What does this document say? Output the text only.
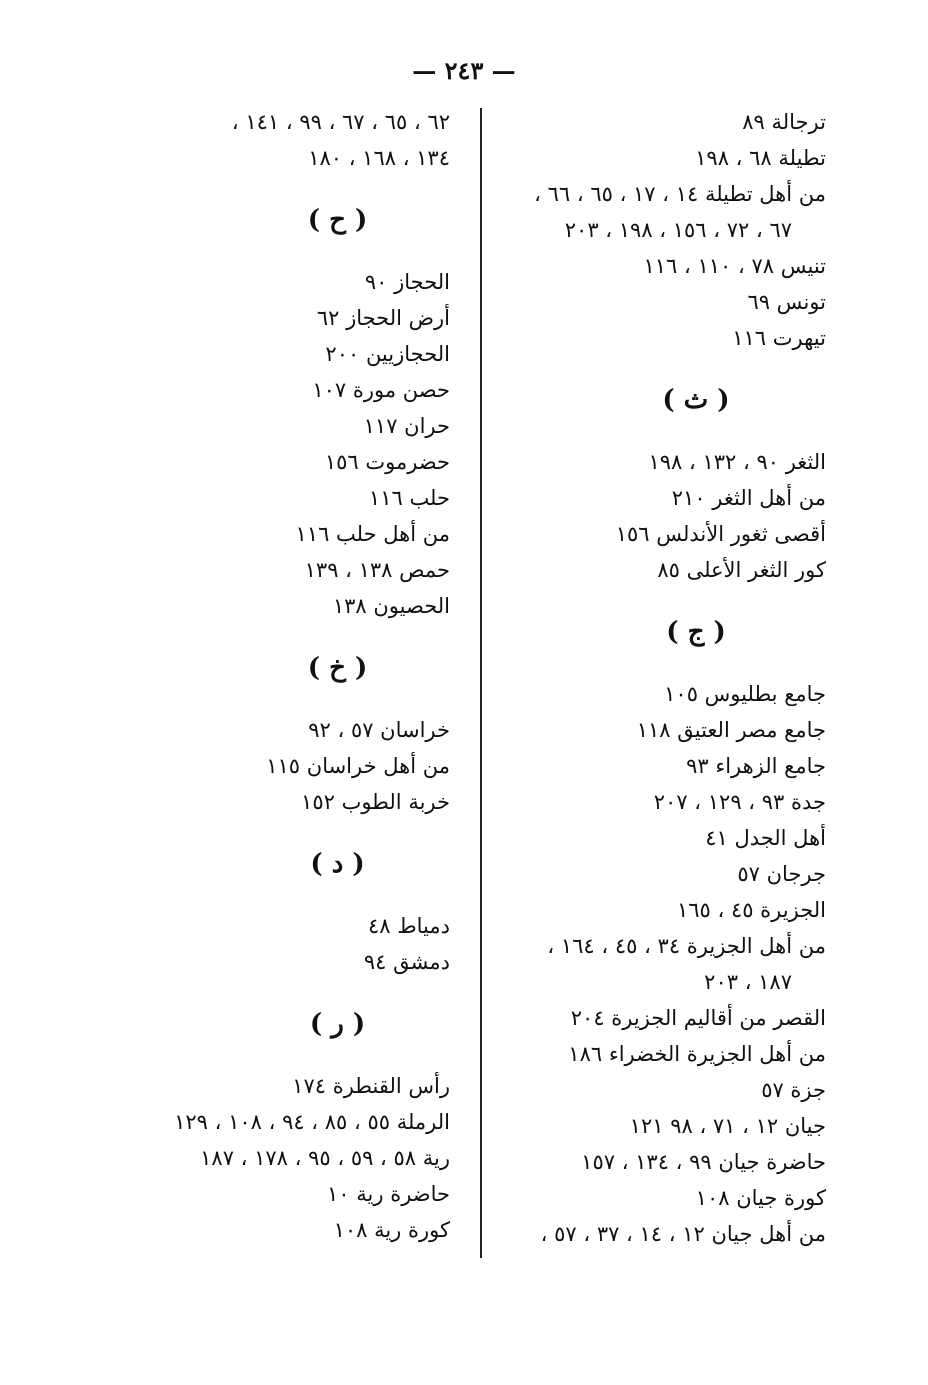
— ٢٤٣ —
ترجالة ٨٩
تطيلة ٦٨ ، ١٩٨
من أهل تطيلة ١٤ ، ١٧ ، ٦٥ ، ٦٦ ،
٦٧ ، ٧٢ ، ١٥٦ ، ١٩٨ ، ٢٠٣
تنيس ٧٨ ، ١١٠ ، ١١٦
تونس ٦٩
تيهرت ١١٦
( ث )
الثغر ٩٠ ، ١٣٢ ، ١٩٨
من أهل الثغر ٢١٠
أقصى ثغور الأندلس ١٥٦
كور الثغر الأعلى ٨٥
( ج )
جامع بطليوس ١٠٥
جامع مصر العتيق ١١٨
جامع الزهراء ٩٣
جدة ٩٣ ، ١٢٩ ، ٢٠٧
أهل الجدل ٤١
جرجان ٥٧
الجزيرة ٤٥ ، ١٦٥
من أهل الجزيرة ٣٤ ، ٤٥ ، ١٦٤ ،
١٨٧ ، ٢٠٣
القصر من أقاليم الجزيرة ٢٠٤
من أهل الجزيرة الخضراء ١٨٦
جزة ٥٧
جيان ١٢ ، ٧١ ، ٩٨ ١٢١
حاضرة جيان ٩٩ ، ١٣٤ ، ١٥٧
كورة جيان ١٠٨
من أهل جيان ١٢ ، ١٤ ، ٣٧ ، ٥٧ ،
٦٢ ، ٦٥ ، ٦٧ ، ٩٩ ، ١٤١ ،
١٣٤ ، ١٦٨ ، ١٨٠
( ح )
الحجاز ٩٠
أرض الحجاز ٦٢
الحجازيين ٢٠٠
حصن مورة ١٠٧
حران ١١٧
حضرموت ١٥٦
حلب ١١٦
من أهل حلب ١١٦
حمص ١٣٨ ، ١٣٩
الحصيون ١٣٨
( خ )
خراسان ٥٧ ، ٩٢
من أهل خراسان ١١٥
خربة الطوب ١٥٢
( د )
دمياط ٤٨
دمشق ٩٤
( ر )
رأس القنطرة ١٧٤
الرملة ٥٥ ، ٨٥ ، ٩٤ ، ١٠٨ ، ١٢٩
رية ٥٨ ، ٥٩ ، ٩٥ ، ١٧٨ ، ١٨٧
حاضرة رية ١٠
كورة رية ١٠٨
